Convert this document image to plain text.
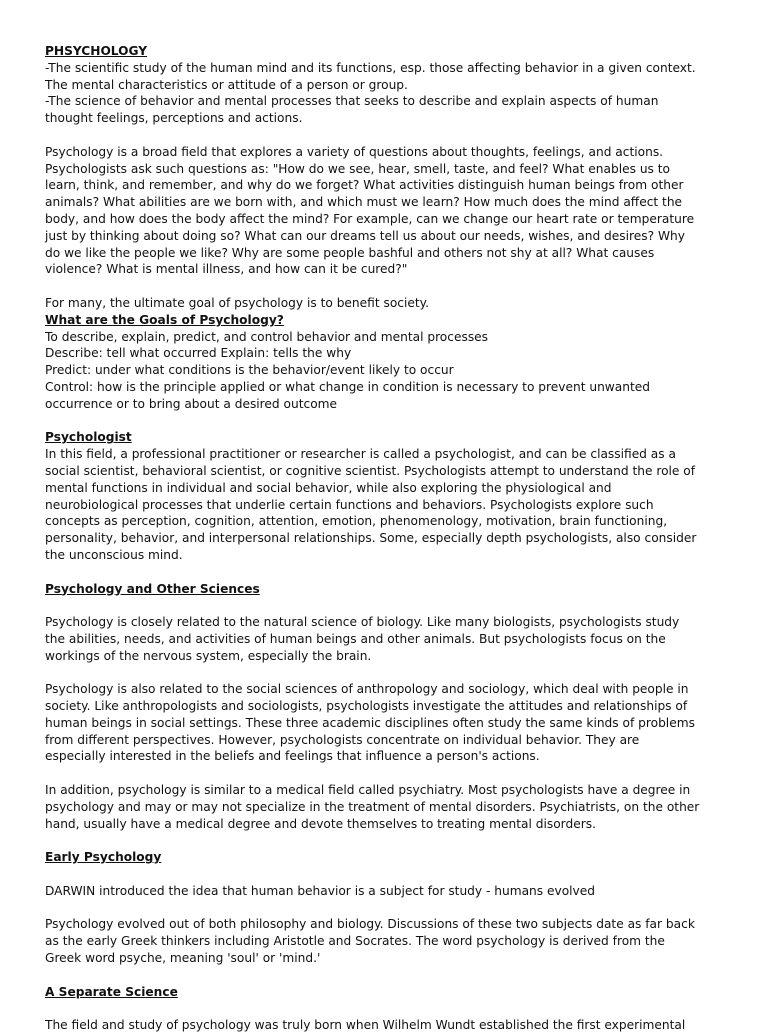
PHSYCHOLOGY

-The scientific study of the human mind and its functions, esp. those affecting behavior in a given context.
The mental characteristics or attitude of a person or group.
-The science of behavior and mental processes that seeks to describe and explain aspects of human
thought feelings, perceptions and actions.
Psychology is a broad field that explores a variety of questions about thoughts, feelings, and actions.
Psychologists ask such questions as: "How do we see, hear, smell, taste, and feel? What enables us to
learn, think, and remember, and why do we forget? What activities distinguish human beings from other
animals? What abilities are we born with, and which must we learn? How much does the mind affect the
body, and how does the body affect the mind? For example, can we change our heart rate or temperature
just by thinking about doing so? What can our dreams tell us about our needs, wishes, and desires? Why
do we like the people we like? Why are some people bashful and others not shy at all? What causes
violence? What is mental illness, and how can it be cured?"
For many, the ultimate goal of psychology is to benefit society.

What are the Goals of Psychology?

To describe, explain, predict, and control behavior and mental processes
Describe: tell what occurred Explain: tells the why
Predict: under what conditions is the behavior/event likely to occur
Control: how is the principle applied or what change in condition is necessary to prevent unwanted
occurrence or to bring about a desired outcome

Psychologist

In this field, a professional practitioner or researcher is called a psychologist, and can be classified as a
social scientist, behavioral scientist, or cognitive scientist. Psychologists attempt to understand the role of
mental functions in individual and social behavior, while also exploring the physiological and
neurobiological processes that underlie certain functions and behaviors. Psychologists explore such
concepts as perception, cognition, attention, emotion, phenomenology, motivation, brain functioning,
personality, behavior, and interpersonal relationships. Some, especially depth psychologists, also consider
the unconscious mind.

Psychology and Other Sciences

Psychology is closely related to the natural science of biology. Like many biologists, psychologists study
the abilities, needs, and activities of human beings and other animals. But psychologists focus on the
workings of the nervous system, especially the brain.
Psychology is also related to the social sciences of anthropology and sociology, which deal with people in
society. Like anthropologists and sociologists, psychologists investigate the attitudes and relationships of
human beings in social settings. These three academic disciplines often study the same kinds of problems
from different perspectives. However, psychologists concentrate on individual behavior. They are
especially interested in the beliefs and feelings that influence a person's actions.
In addition, psychology is similar to a medical field called psychiatry. Most psychologists have a degree in
psychology and may or may not specialize in the treatment of mental disorders. Psychiatrists, on the other
hand, usually have a medical degree and devote themselves to treating mental disorders.

Early Psychology

DARWIN introduced the idea that human behavior is a subject for study - humans evolved
Psychology evolved out of both philosophy and biology. Discussions of these two subjects date as far back
as the early Greek thinkers including Aristotle and Socrates. The word psychology is derived from the
Greek word psyche, meaning 'soul' or 'mind.'

A Separate Science

The field and study of psychology was truly born when Wilhelm Wundt established the first experimental
